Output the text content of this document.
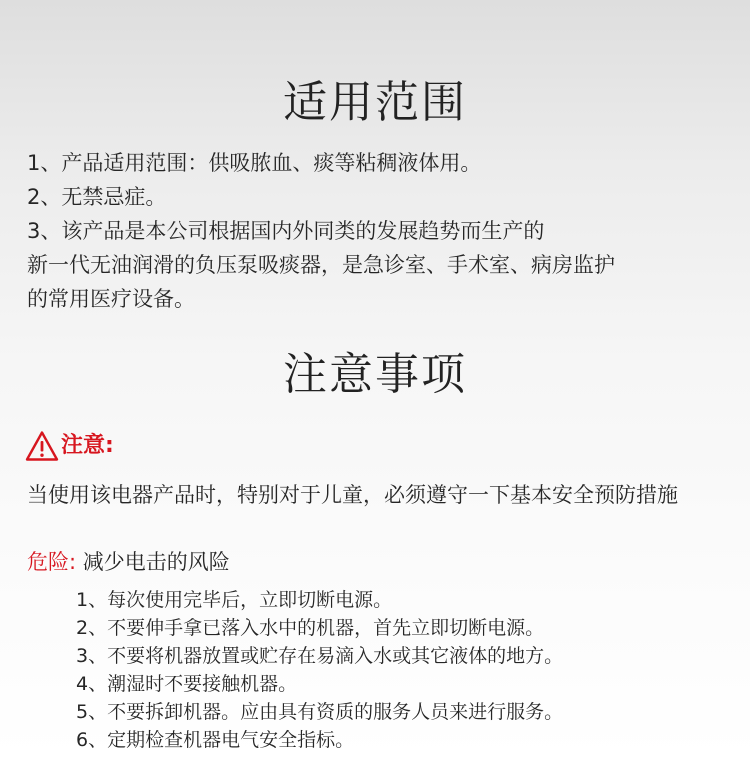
适用范围
1、产品适用范围：供吸脓血、痰等粘稠液体用。
2、无禁忌症。
3、该产品是本公司根据国内外同类的发展趋势而生产的
新一代无油润滑的负压泵吸痰器，是急诊室、手术室、病房监护
的常用医疗设备。
注意事项
注意:
当使用该电器产品时，特别对于儿童，必须遵守一下基本安全预防措施
危险: 减少电击的风险
1、每次使用完毕后，立即切断电源。
2、不要伸手拿已落入水中的机器，首先立即切断电源。
3、不要将机器放置或贮存在易滴入水或其它液体的地方。
4、潮湿时不要接触机器。
5、不要拆卸机器。应由具有资质的服务人员来进行服务。
6、定期检查机器电气安全指标。
